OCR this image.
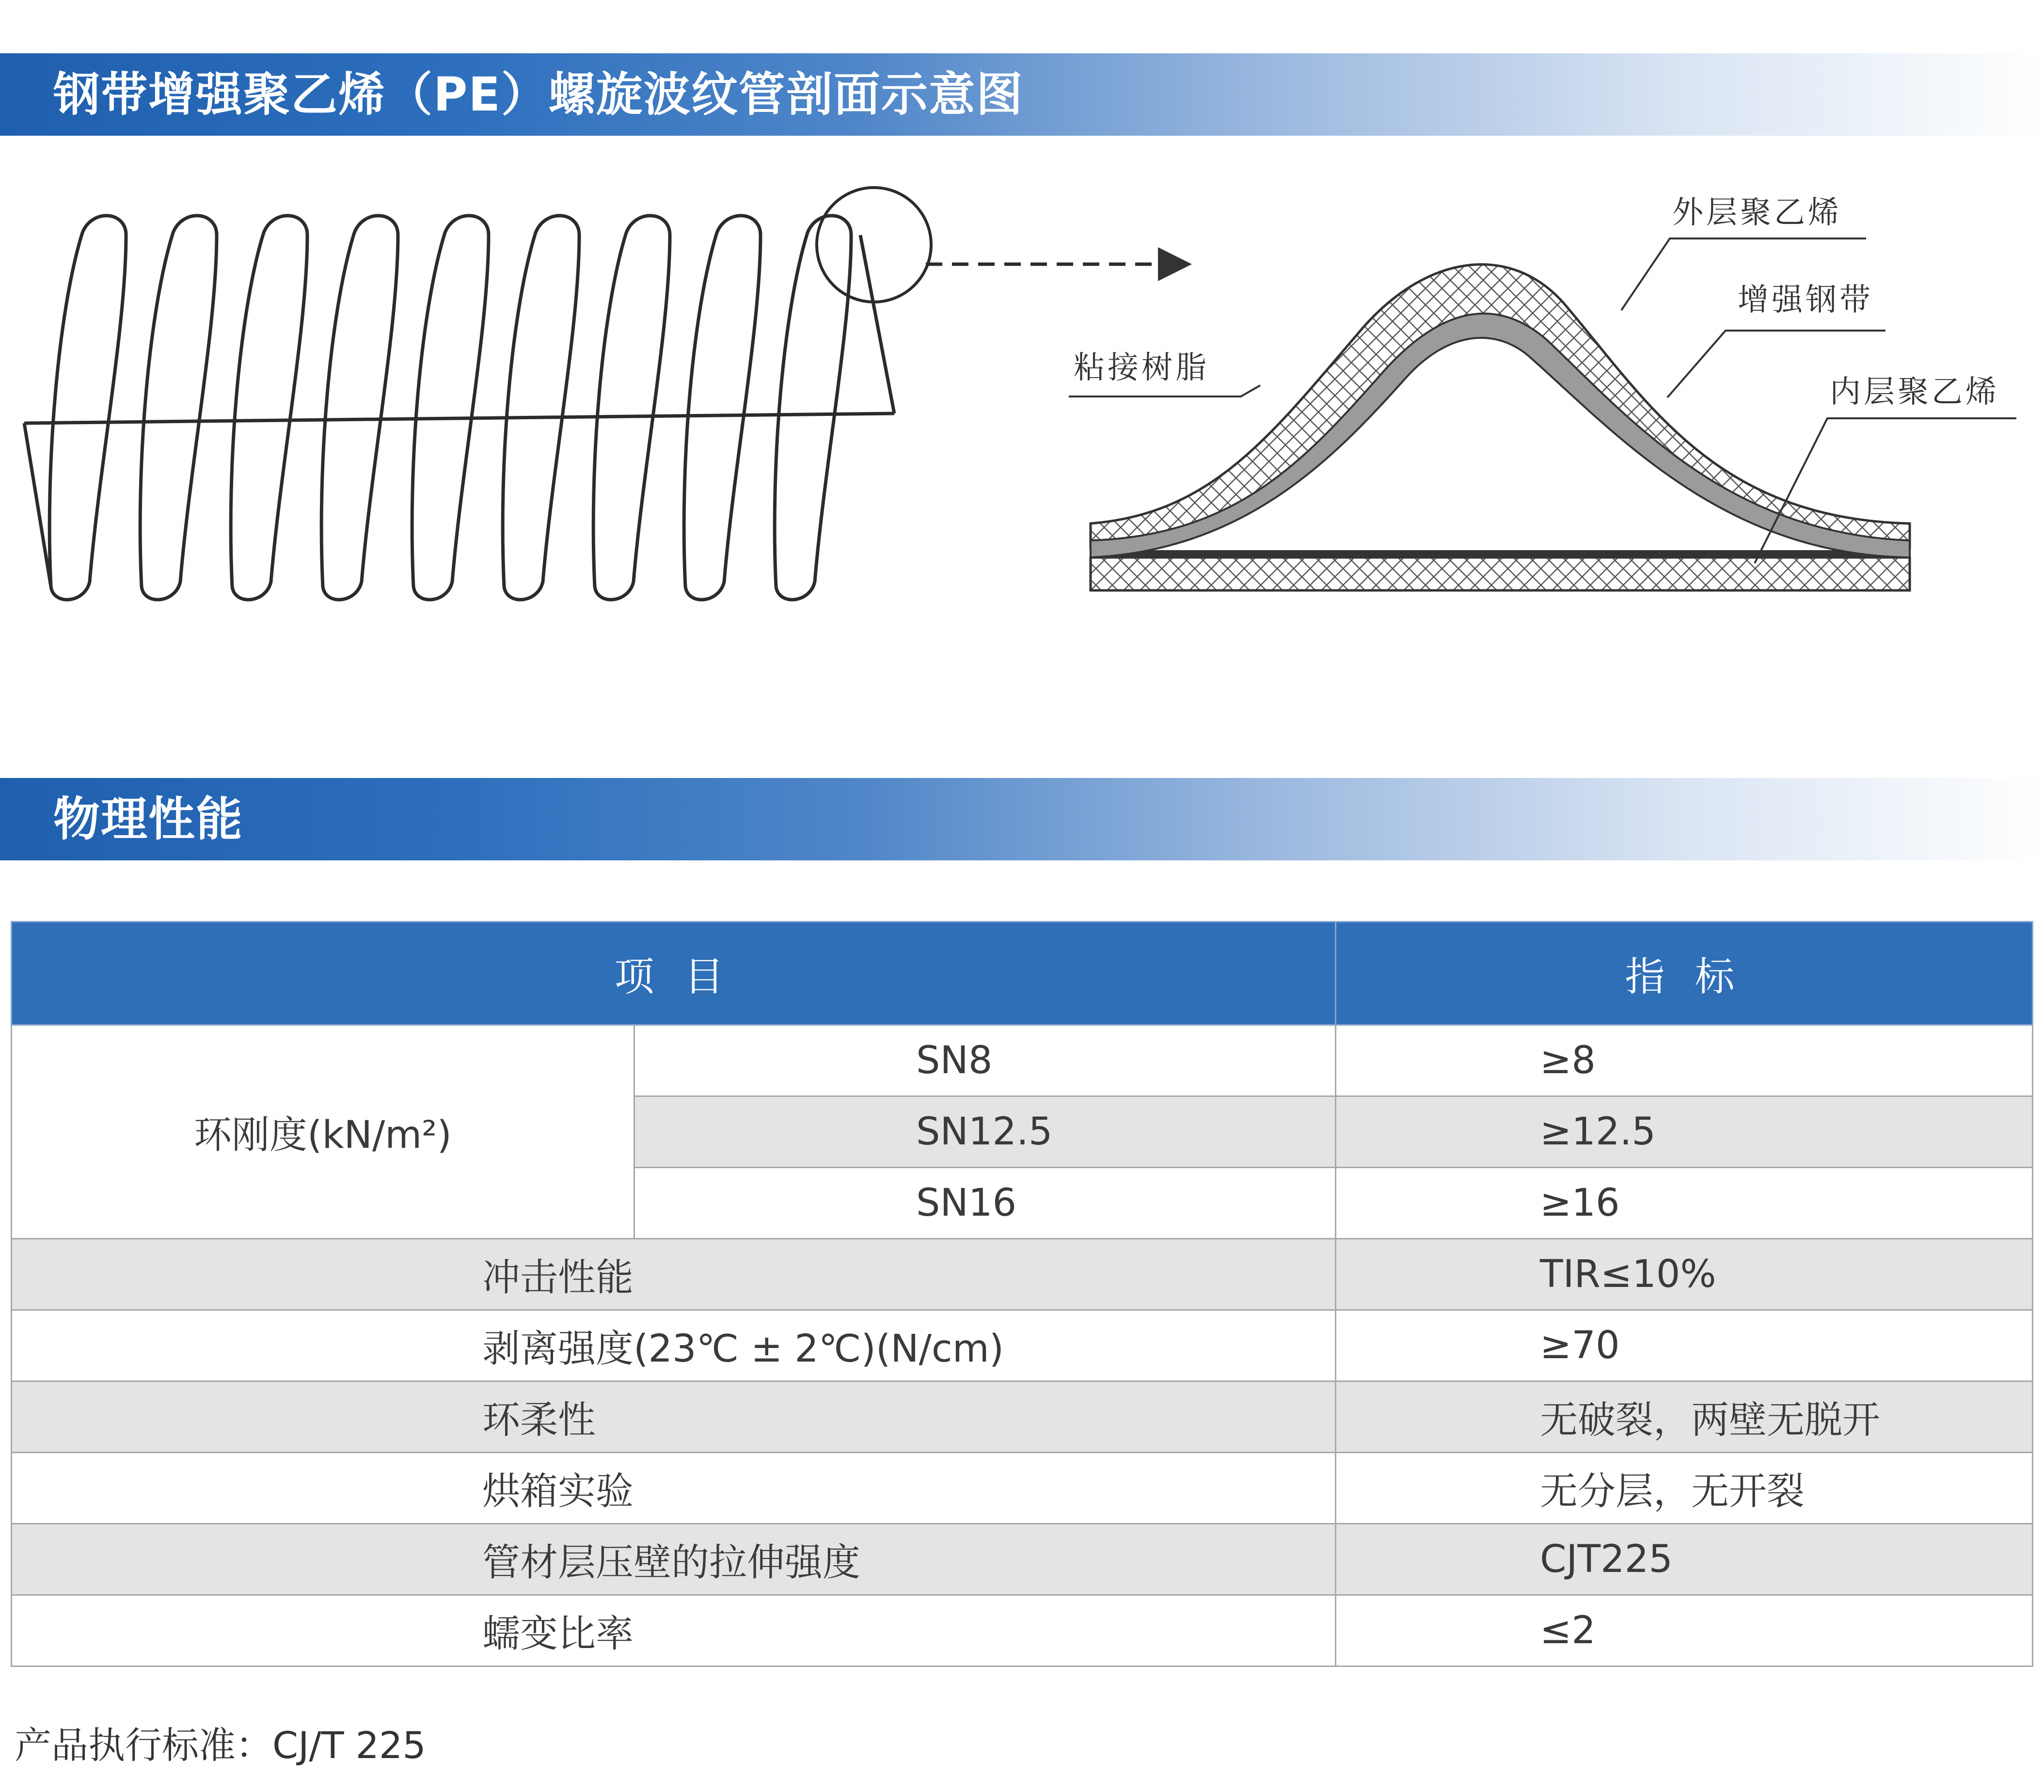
钢带增强聚乙烯（PE）螺旋波纹管剖面示意图
外层聚乙烯
增强钢带
粘接树脂
内层聚乙烯
物理性能
项 目		指 标
环刚度(kN/m²)	SN8	≥8
	SN12.5	≥12.5
	SN16	≥16
冲击性能		TIR≤10%
剥离强度(23℃ ± 2℃)(N/cm)		≥70
环柔性		无破裂，两壁无脱开
烘箱实验		无分层，无开裂
管材层压壁的拉伸强度		CJT225
蠕变比率		≤2
产品执行标准：CJ/T 225
